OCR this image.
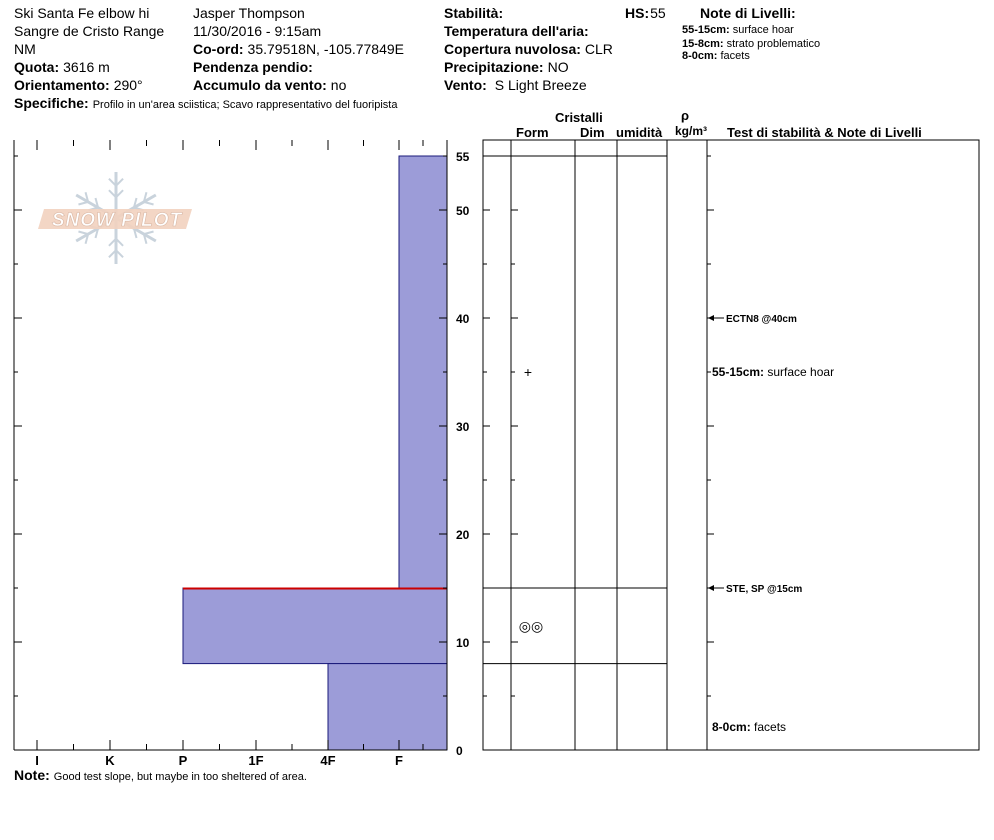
Ski Santa Fe elbow hi
Sangre de Cristo Range
NM
Quota: 3616 m
Orientamento: 290°
Specifiche: Profilo in un'area sciistica; Scavo rappresentativo del fuoripista
Jasper Thompson
11/30/2016 - 9:15am
Co-ord: 35.79518N, -105.77849E
Pendenza pendio:
Accumulo da vento: no
Stabilità:	HS: 55
Temperatura dell'aria:
Copertura nuvolosa: CLR
Precipitazione: NO
Vento: S Light Breeze
Note di Livelli:
55-15cm: surface hoar
15-8cm: strato problematico
8-0cm: facets
Cristalli
Form Dim umidità
ρ
kg/m³ Test di stabilità & Note di Livelli
Note: Good test slope, but maybe in too sheltered of area.
SNOW PILOT
I	K	P	1F	4F	F
0
10
20
30
40
50
55
+
◎◎
ECTN8 @40cm
STE, SP @15cm
55-15cm: surface hoar
8-0cm: facets
